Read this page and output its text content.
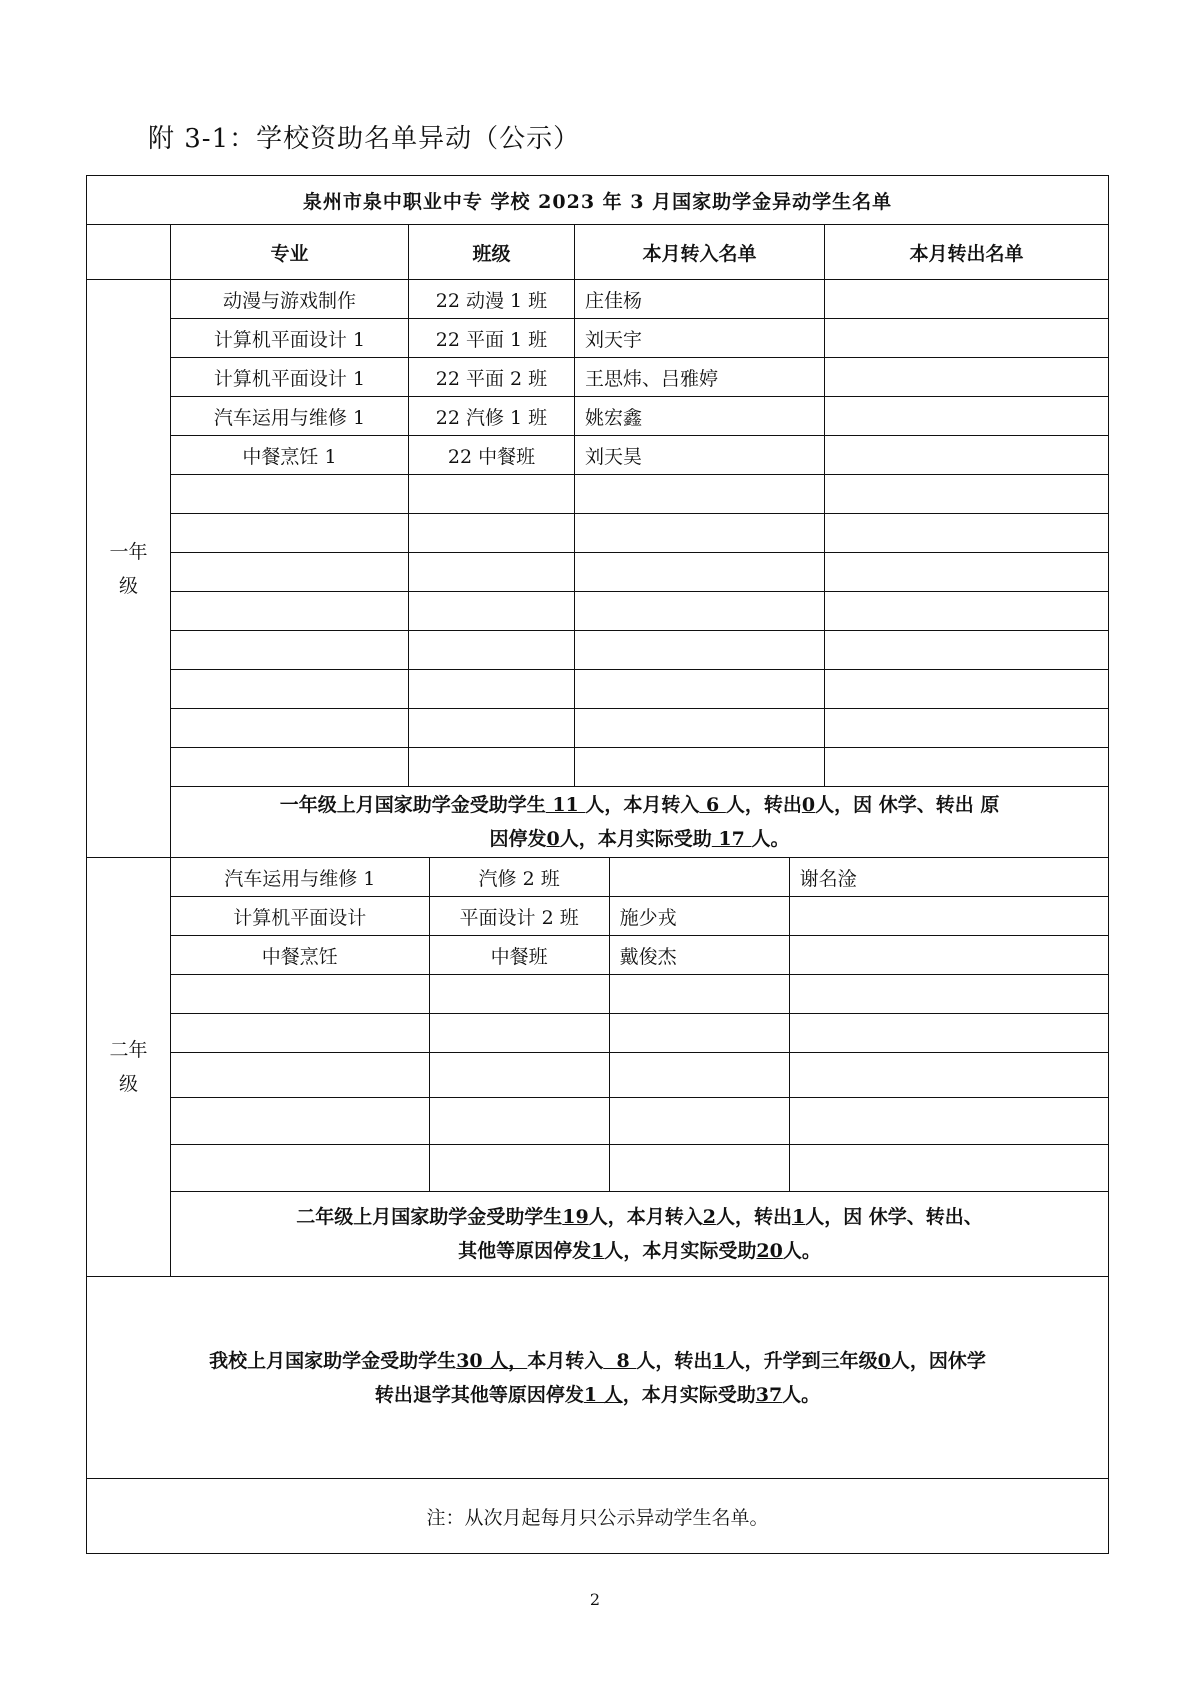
附 3-1：学校资助名单异动（公示）
泉州市泉中职业中专 学校 2023 年 3 月国家助学金异动学生名单
	专业	班级	本月转入名单	本月转出名单
一年
级	动漫与游戏制作	22 动漫 1 班	庄佳杨	
计算机平面设计 1	22 平面 1 班	刘天宇	
计算机平面设计 1	22 平面 2 班	王思炜、吕雅婷	
汽车运用与维修 1	22 汽修 1 班	姚宏鑫	
中餐烹饪 1	22 中餐班	刘天昊	

一年级上月国家助学金受助学生 11 人，本月转入 6 人，转出0人，因 休学、转出 原
因停发0人，本月实际受助 17 人。
二年
级	
汽车运用与维修 1	汽修 2 班		谢名淦
计算机平面设计	平面设计 2 班	施少戎	
中餐烹饪	中餐班	戴俊杰	

二年级上月国家助学金受助学生19人，本月转入2人，转出1人，因 休学、转出、
其他等原因停发1人，本月实际受助20人。
我校上月国家助学金受助学生30 人，本月转入  8 人，转出1人，升学到三年级0人，因休学
转出退学其他等原因停发1 人，本月实际受助37人。
注：从次月起每月只公示异动学生名单。
2
